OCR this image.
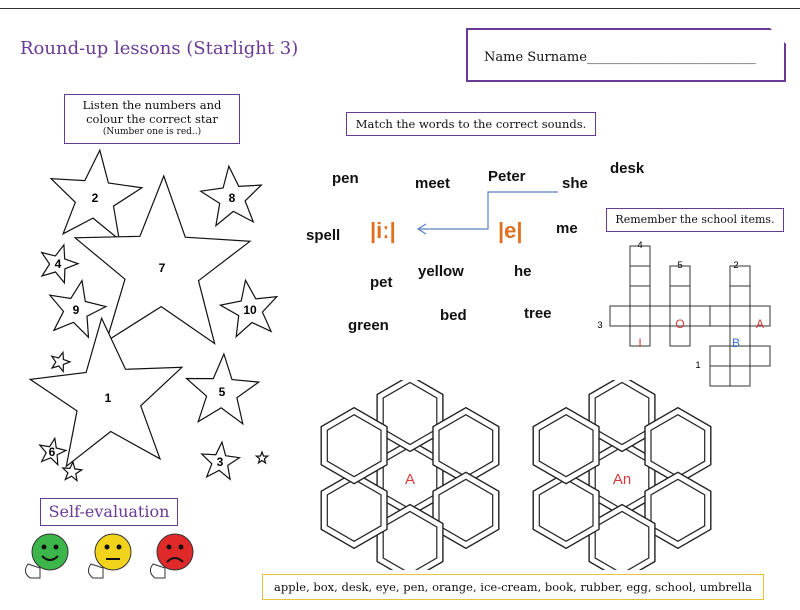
Round-up lessons (Starlight 3)	Name Surname__________________________
Listen the numbers and
colour the correct star
(Number one is red..)
2	8
7
4
9	10
1	5
6
3
Match the words to the correct sounds.
pen	meet	Peter she
desk
spell	me
pet
yellow	he
green
bed	tree
|iː|	|e|	Remember the school items.
4
5	2
3
1
I
O	A
B
A	An
Self-evaluation
apple, box, desk, eye, pen, orange, ice-cream, book, rubber, egg, school, umbrella
